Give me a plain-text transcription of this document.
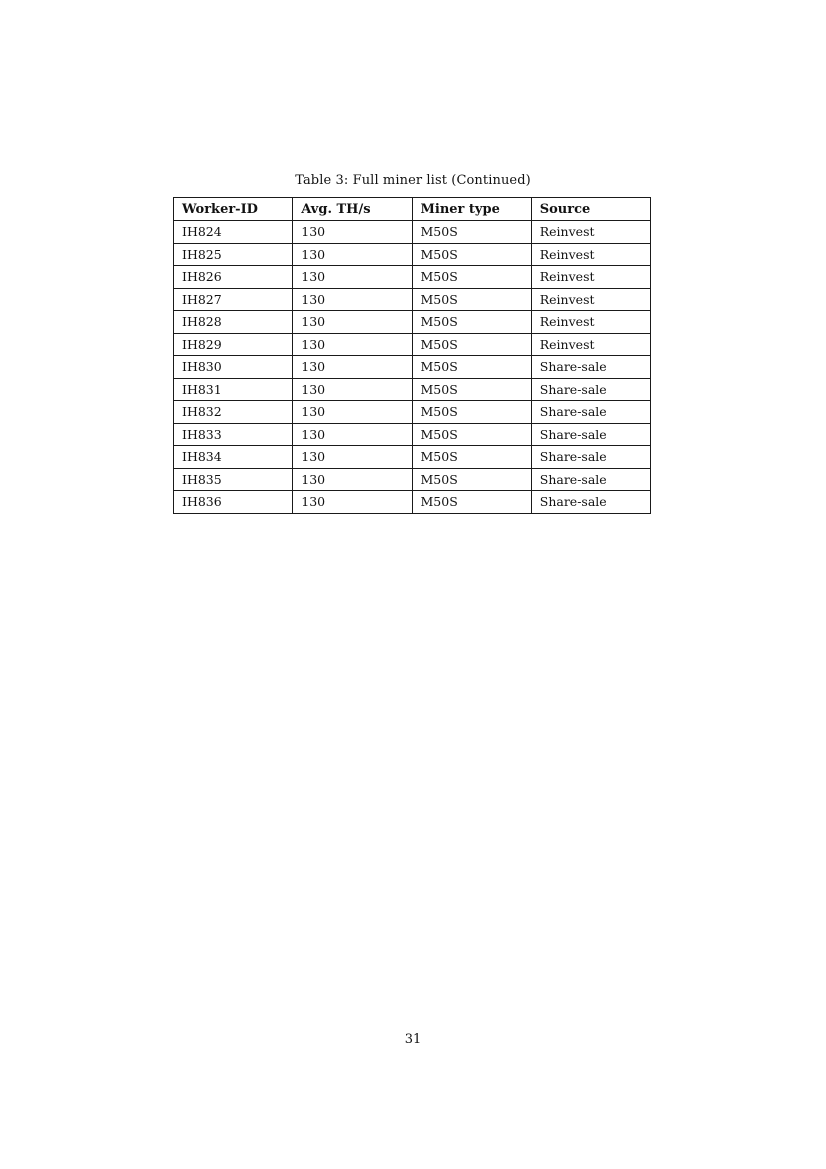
Table 3: Full miner list (Continued)
Worker-ID	Avg. TH/s	Miner type	Source
IH824	130	M50S	Reinvest
IH825	130	M50S	Reinvest
IH826	130	M50S	Reinvest
IH827	130	M50S	Reinvest
IH828	130	M50S	Reinvest
IH829	130	M50S	Reinvest
IH830	130	M50S	Share-sale
IH831	130	M50S	Share-sale
IH832	130	M50S	Share-sale
IH833	130	M50S	Share-sale
IH834	130	M50S	Share-sale
IH835	130	M50S	Share-sale
IH836	130	M50S	Share-sale
31
